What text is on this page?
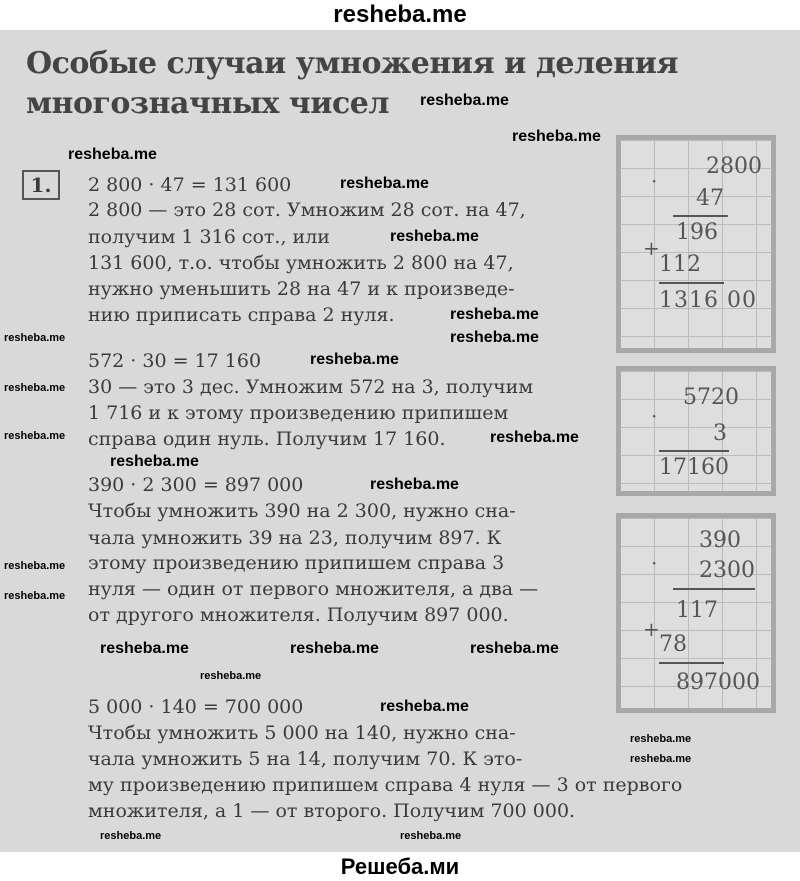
resheba.me
Особые случаи умножения и деления
многозначных чисел
1.	2 800 · 47 = 131 600
2 800 — это 28 сот. Умножим 28 сот. на 47,
получим 1 316 сот., или
131 600, т.о. чтобы умножить 2 800 на 47,
нужно уменьшить 28 на 47 и к произведе-
нию приписать справа 2 нуля.
572 · 30 = 17 160
30 — это 3 дес. Умножим 572 на 3, получим
1 716 и к этому произведению припишем
справа один нуль. Получим 17 160.
390 · 2 300 = 897 000
Чтобы умножить 390 на 2 300, нужно сна-
чала умножить 39 на 23, получим 897. К
этому произведению припишем справа 3
нуля — один от первого множителя, а два —
от другого множителя. Получим 897 000.
5 000 · 140 = 700 000
Чтобы умножить 5 000 на 140, нужно сна-
чала умножить 5 на 14, получим 70. К это-
му произведению припишем справа 4 нуля — 3 от первого
множителя, а 1 — от второго. Получим 700 000.
2800
·
47
196
+
112
1316 00
5720
·
3
17160
390
· 2300
117
+
78
897000
resheba.me
resheba.me
resheba.me
resheba.me
resheba.me
resheba.me
resheba.me
resheba.me
resheba.me
resheba.me
resheba.me	resheba.me
resheba.me
resheba.me
resheba.me
resheba.me
resheba.me	resheba.me	resheba.me
resheba.me
resheba.me
resheba.me
resheba.me
resheba.me	resheba.me
Решеба.ми
